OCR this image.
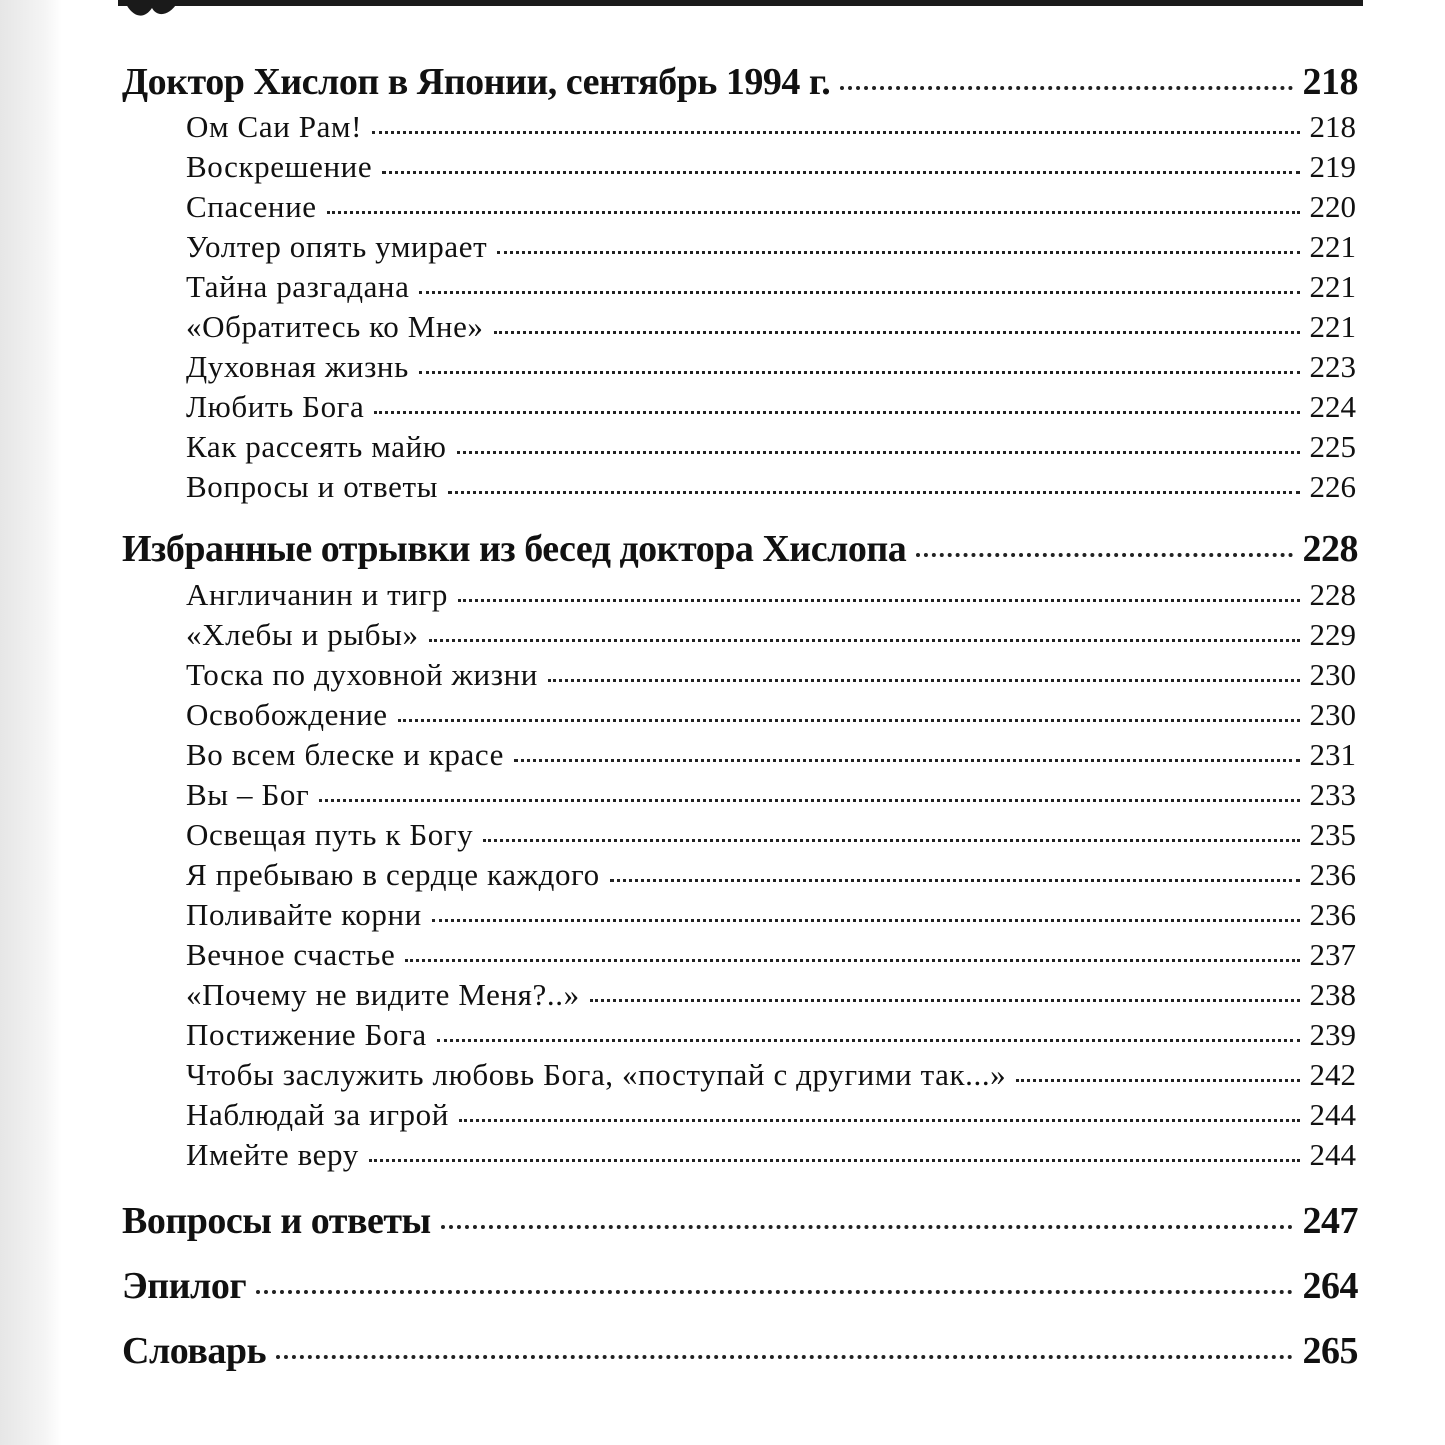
Доктор Хислоп в Японии, сентябрь 1994 г.	218
Ом Саи Рам!	218
Воскрешение	219
Спасение	220
Уолтер опять умирает	221
Тайна разгадана	221
«Обратитесь ко Мне»	221
Духовная жизнь	223
Любить Бога	224
Как рассеять майю	225
Вопросы и ответы	226
Избранные отрывки из бесед доктора Хислопа	228
Англичанин и тигр	228
«Хлебы и рыбы»	229
Тоска по духовной жизни	230
Освобождение	230
Во всем блеске и красе	231
Вы – Бог	233
Освещая путь к Богу	235
Я пребываю в сердце каждого	236
Поливайте корни	236
Вечное счастье	237
«Почему не видите Меня?..»	238
Постижение Бога	239
Чтобы заслужить любовь Бога, «поступай с другими так...»	242
Наблюдай за игрой	244
Имейте веру	244
Вопросы и ответы	247
Эпилог	264
Словарь	265
